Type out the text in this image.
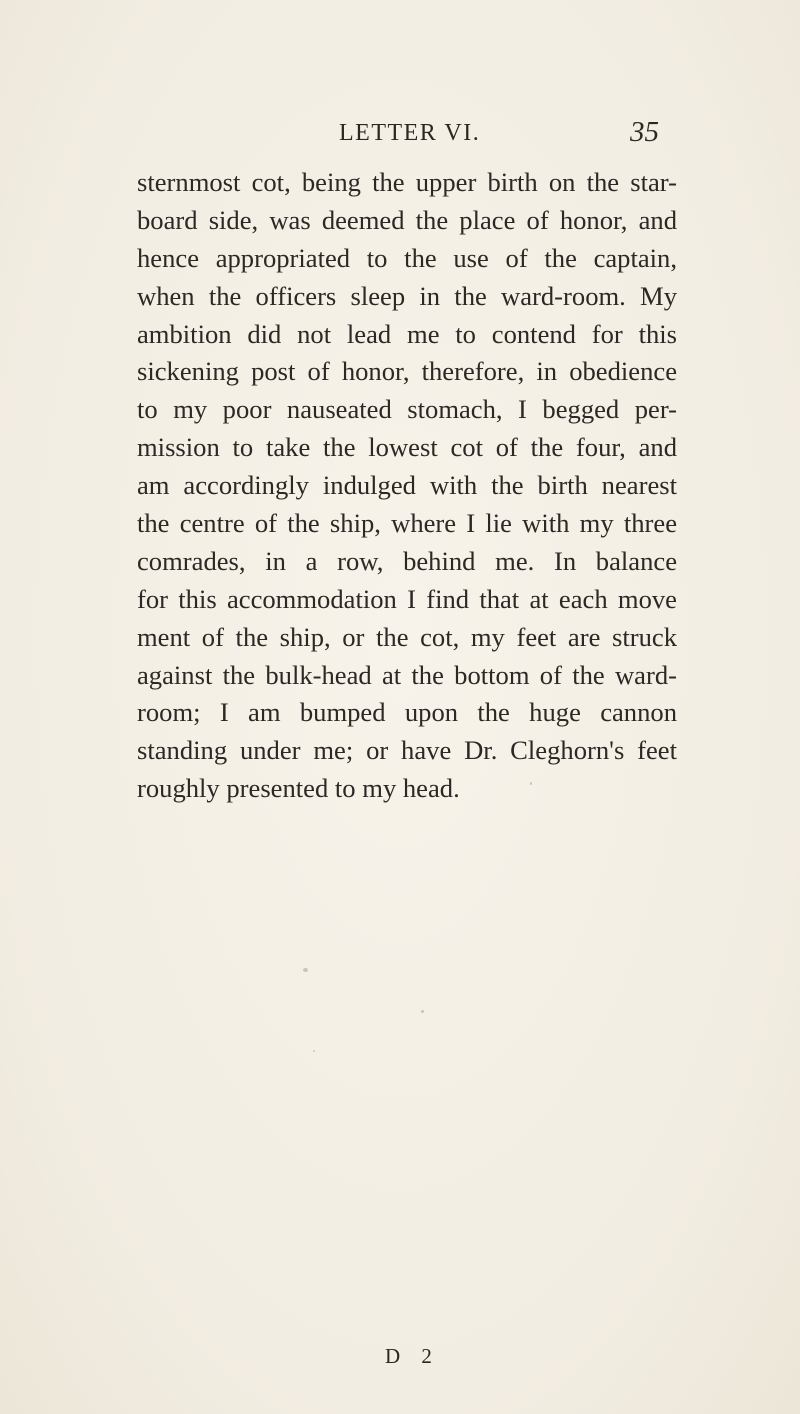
LETTER VI.	35
sternmost cot, being the upper birth on the star-
board side, was deemed the place of honor, and
hence appropriated to the use of the captain,
when the officers sleep in the ward-room. My
ambition did not lead me to contend for this
sickening post of honor, therefore, in obedience
to my poor nauseated stomach, I begged per-
mission to take the lowest cot of the four, and
am accordingly indulged with the birth nearest
the centre of the ship, where I lie with my three
comrades, in a row, behind me. In balance
for this accommodation I find that at each move
ment of the ship, or the cot, my feet are struck
against the bulk-head at the bottom of the ward-
room; I am bumped upon the huge cannon
standing under me; or have Dr. Cleghorn's feet
roughly presented to my head.
D 2
